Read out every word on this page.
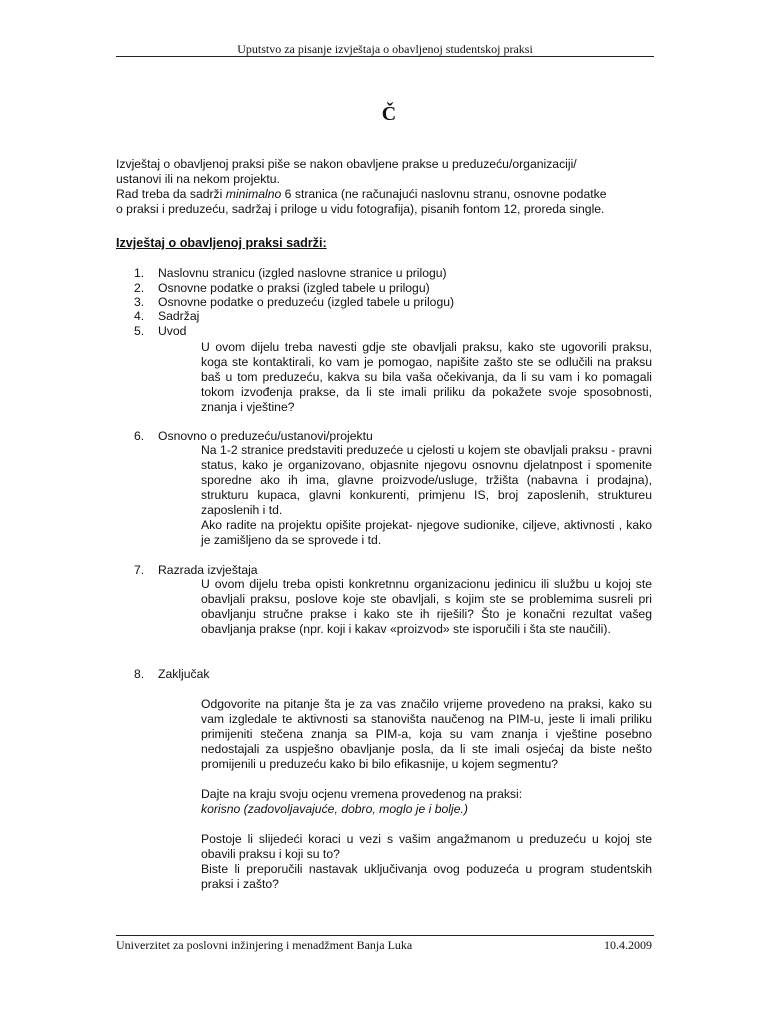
Uputstvo za pisanje izvještaja o obavljenoj studentskoj praksi
Č
Izvještaj o obavljenoj praksi piše se nakon obavljene prakse u preduzeću/organizaciji/
ustanovi ili na nekom projektu.
Rad treba da sadrži minimalno 6 stranica (ne računajući naslovnu stranu, osnovne podatke
o praksi i preduzeću, sadržaj i priloge u vidu fotografija), pisanih fontom 12, proreda single.
Izvještaj o obavljenoj praksi sadrži:
1. Naslovnu stranicu (izgled naslovne stranice u prilogu)
2. Osnovne podatke o praksi (izgled tabele u prilogu)
3. Osnovne podatke o preduzeću (izgled tabele u prilogu)
4. Sadržaj
5. Uvod
U ovom dijelu treba navesti gdje ste obavljali praksu, kako ste ugovorili praksu, koga ste kontaktirali, ko vam je pomogao, napišite zašto ste se odlučili na praksu baš u tom preduzeću, kakva su bila vaša očekivanja, da li su vam i ko pomagali tokom izvođenja prakse, da li ste imali priliku da pokažete svoje sposobnosti, znanja i vještine?
6. Osnovno o preduzeću/ustanovi/projektu
Na 1-2 stranice predstaviti preduzeće u cjelosti u kojem ste obavljali praksu - pravni status, kako je organizovano, objasnite njegovu osnovnu djelatnpost i spomenite sporedne ako ih ima, glavne proizvode/usluge, tržišta (nabavna i prodajna), strukturu kupaca, glavni konkurenti, primjenu IS, broj zaposlenih, struktureu zaposlenih i td.
Ako radite na projektu opišite projekat- njegove sudionike, ciljeve, aktivnosti , kako je zamišljeno da se sprovede i td.
7. Razrada izvještaja
U ovom dijelu treba opisti konkretnnu organizacionu jedinicu ili službu u kojoj ste obavljali praksu, poslove koje ste obavljali, s kojim ste se problemima susreli pri obavljanju stručne prakse i kako ste ih riješili? Što je konačni rezultat vašeg obavljanja prakse (npr. koji i kakav «proizvod» ste isporučili i šta ste naučili).
8. Zaključak
Odgovorite na pitanje šta je za vas značilo vrijeme provedeno na praksi, kako su vam izgledale te aktivnosti sa stanovišta naučenog na PIM-u, jeste li imali priliku primijeniti stečena znanja sa PIM-a, koja su vam znanja i vještine posebno nedostajali za uspješno obavljanje posla, da li ste imali osjećaj da biste nešto promijenili u preduzeću kako bi bilo efikasnije, u kojem segmentu?
Dajte na kraju svoju ocjenu vremena provedenog na praksi:
korisno (zadovoljavajuće, dobro, moglo je i bolje.)
Postoje li slijedeći koraci u vezi s vašim angažmanom u preduzeću u kojoj ste obavili praksu i koji su to?
Biste li preporučili nastavak uključivanja ovog poduzeća u program studentskih praksi i zašto?
Univerzitet za poslovni inžinjering i menadžment Banja Luka	10.4.2009
